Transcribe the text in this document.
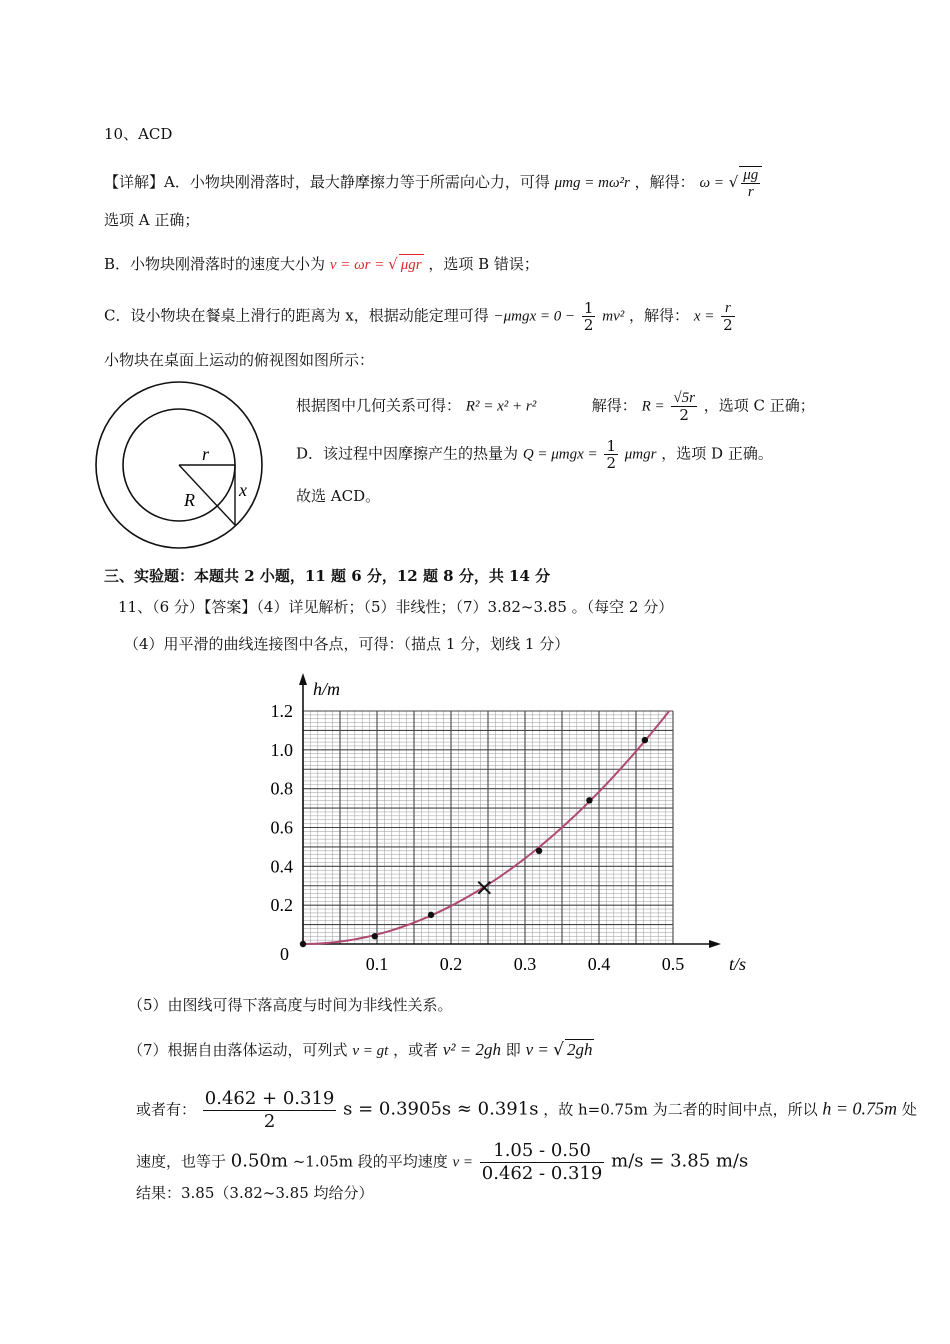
10、ACD
【详解】A．小物块刚滑落时，最大静摩擦力等于所需向心力，可得 μmg = mω²r ，解得： ω = √ $\frac{\mu g}{r}$
选项 A 正确；
B．小物块刚滑落时的速度大小为 v = ωr = √ μgr ，选项 B 错误；
C．设小物块在餐桌上滑行的距离为 x，根据动能定理可得 $-\mu mgx = 0 - \frac{1}{2} mv^2$ ，解得： $x = \frac{r}{2}$
小物块在桌面上运动的俯视图如图所示：
r
R x
根据图中几何关系可得： R² = x² + r²	解得： $R = \frac{√5r}{2}$ ，选项 C 正确；
D．该过程中因摩擦产生的热量为 $Q = \mu mgx = \frac{1}{2}$ μmgr ，选项 D 正确。
故选 ACD。
三、实验题：本题共 2 小题，11 题 6 分，12 题 8 分，共 14 分
11、（6 分）【答案】（4）详见解析；（5）非线性；（7）3.82~3.85 。（每空 2 分）
（4）用平滑的曲线连接图中各点，可得：（描点 1 分，划线 1 分）
0.1	0.2	0.3	0.4	0.5
0.2
0.4
0.6
0.8
1.0
1.2
0	t/s
h/m
（5）由图线可得下落高度与时间为非线性关系。
（7）根据自由落体运动，可列式 v = gt ，或者 v² = 2gh 即 v = √ 2gh
或者有： $\frac{0.462 + 0.319}{2}$ s = 0.3905s ≈ 0.391s ，故 h=0.75m 为二者的时间中点，所以 h = 0.75m 处
速度，也等于 0.50m ~1.05m 段的平均速度 $v = \frac{1.05 - 0.50}{0.462 - 0.319} m/s = 3.85$ m/s
结果：3.85（3.82~3.85 均给分）
